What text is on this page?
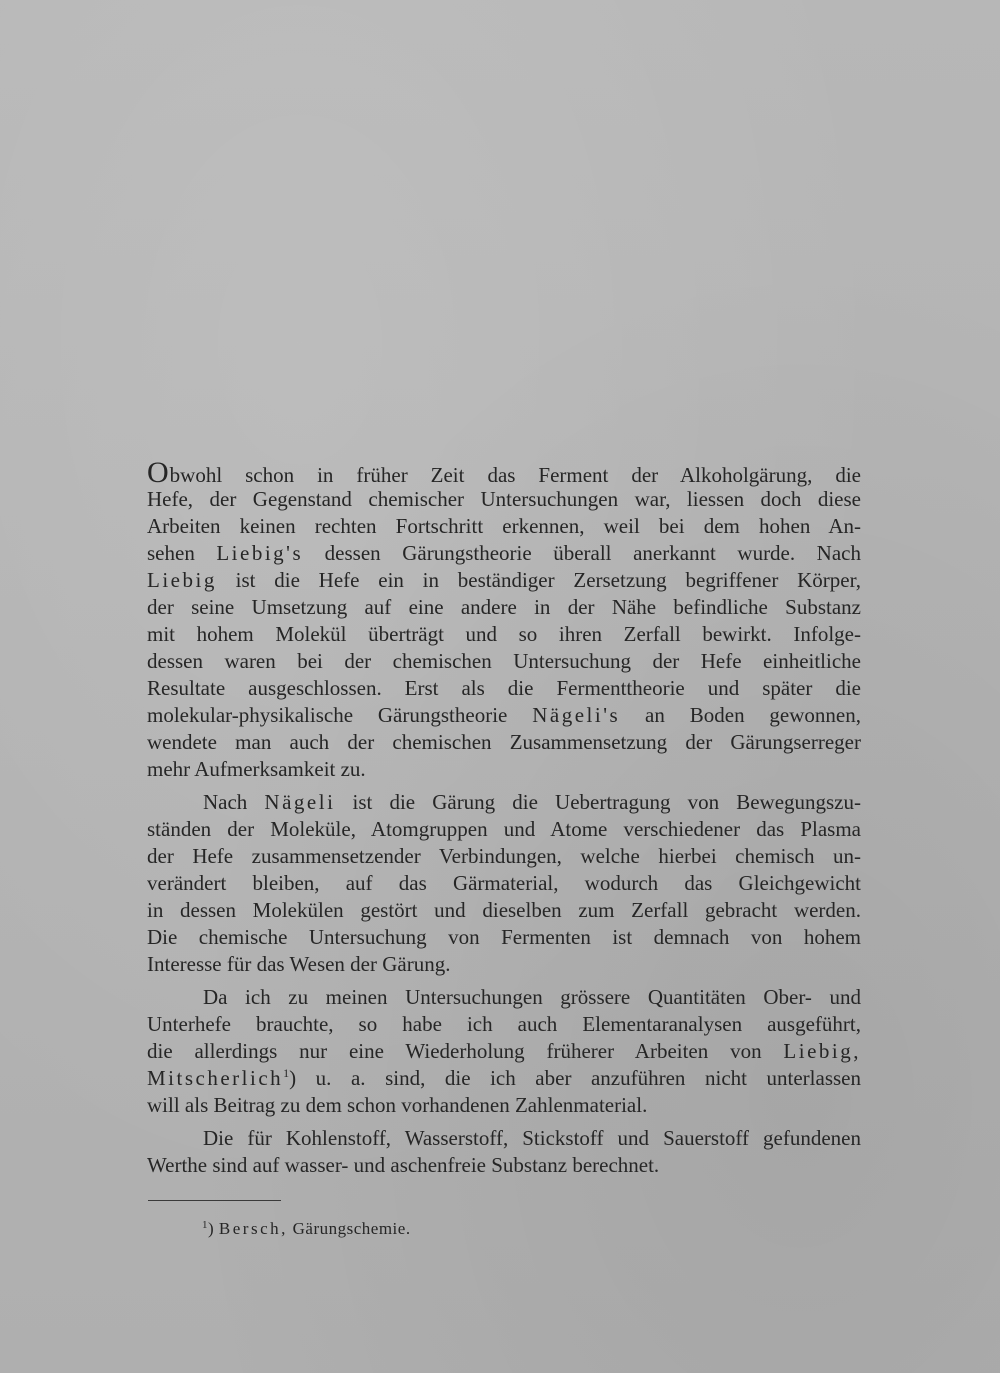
Obwohl schon in früher Zeit das Ferment der Alkoholgärung, die
Hefe, der Gegenstand chemischer Untersuchungen war, liessen doch diese
Arbeiten keinen rechten Fortschritt erkennen, weil bei dem hohen An-
sehen Liebig's dessen Gärungstheorie überall anerkannt wurde. Nach
Liebig ist die Hefe ein in beständiger Zersetzung begriffener Körper,
der seine Umsetzung auf eine andere in der Nähe befindliche Substanz
mit hohem Molekül überträgt und so ihren Zerfall bewirkt. Infolge-
dessen waren bei der chemischen Untersuchung der Hefe einheitliche
Resultate ausgeschlossen. Erst als die Fermenttheorie und später die
molekular-physikalische Gärungstheorie Nägeli's an Boden gewonnen,
wendete man auch der chemischen Zusammensetzung der Gärungserreger
mehr Aufmerksamkeit zu.
Nach Nägeli ist die Gärung die Uebertragung von Bewegungszu-
ständen der Moleküle, Atomgruppen und Atome verschiedener das Plasma
der Hefe zusammensetzender Verbindungen, welche hierbei chemisch un-
verändert bleiben, auf das Gärmaterial, wodurch das Gleichgewicht
in dessen Molekülen gestört und dieselben zum Zerfall gebracht werden.
Die chemische Untersuchung von Fermenten ist demnach von hohem
Interesse für das Wesen der Gärung.
Da ich zu meinen Untersuchungen grössere Quantitäten Ober- und
Unterhefe brauchte, so habe ich auch Elementaranalysen ausgeführt,
die allerdings nur eine Wiederholung früherer Arbeiten von Liebig,
Mitscherlich$^1$) u. a. sind, die ich aber anzuführen nicht unterlassen
will als Beitrag zu dem schon vorhandenen Zahlenmaterial.
Die für Kohlenstoff, Wasserstoff, Stickstoff und Sauerstoff gefundenen
Werthe sind auf wasser- und aschenfreie Substanz berechnet.
$^1$) Bersch, Gärungschemie.
